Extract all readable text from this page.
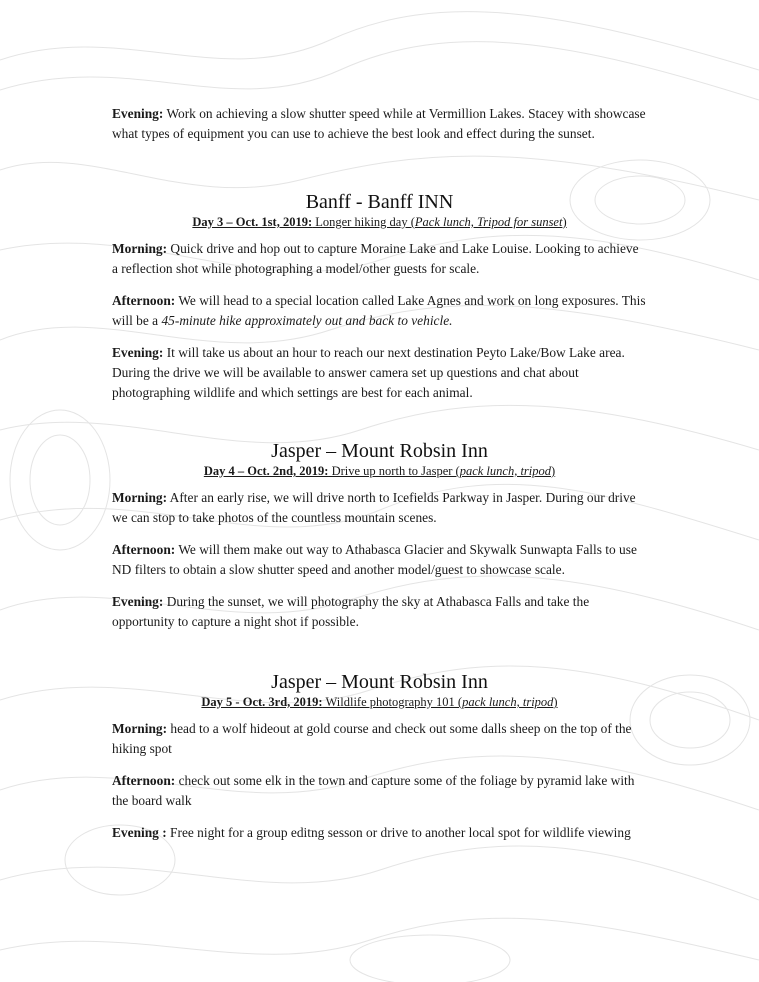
Evening: Work on achieving a slow shutter speed while at Vermillion Lakes. Stacey with showcase what types of equipment you can use to achieve the best look and effect during the sunset.

Banff - Banff INN
Day 3 – Oct. 1st, 2019: Longer hiking day (Pack lunch, Tripod for sunset)

Morning: Quick drive and hop out to capture Moraine Lake and Lake Louise. Looking to achieve a reflection shot while photographing a model/other guests for scale.

Afternoon: We will head to a special location called Lake Agnes and work on long exposures. This will be a 45-minute hike approximately out and back to vehicle.

Evening: It will take us about an hour to reach our next destination Peyto Lake/Bow Lake area. During the drive we will be available to answer camera set up questions and chat about photographing wildlife and which settings are best for each animal.

Jasper – Mount Robsin Inn
Day 4 – Oct. 2nd, 2019: Drive up north to Jasper (pack lunch, tripod)

Morning: After an early rise, we will drive north to Icefields Parkway in Jasper. During our drive we can stop to take photos of the countless mountain scenes.

Afternoon: We will them make out way to Athabasca Glacier and Skywalk Sunwapta Falls to use ND filters to obtain a slow shutter speed and another model/guest to showcase scale.

Evening: During the sunset, we will photography the sky at Athabasca Falls and take the opportunity to capture a night shot if possible.

Jasper – Mount Robsin Inn
Day 5 - Oct. 3rd, 2019: Wildlife photography 101 (pack lunch, tripod)

Morning: head to a wolf hideout at gold course and check out some dalls sheep on the top of the hiking spot

Afternoon: check out some elk in the town and capture some of the foliage by pyramid lake with the board walk

Evening : Free night for a group editng sesson or drive to another local spot for wildlife viewing
